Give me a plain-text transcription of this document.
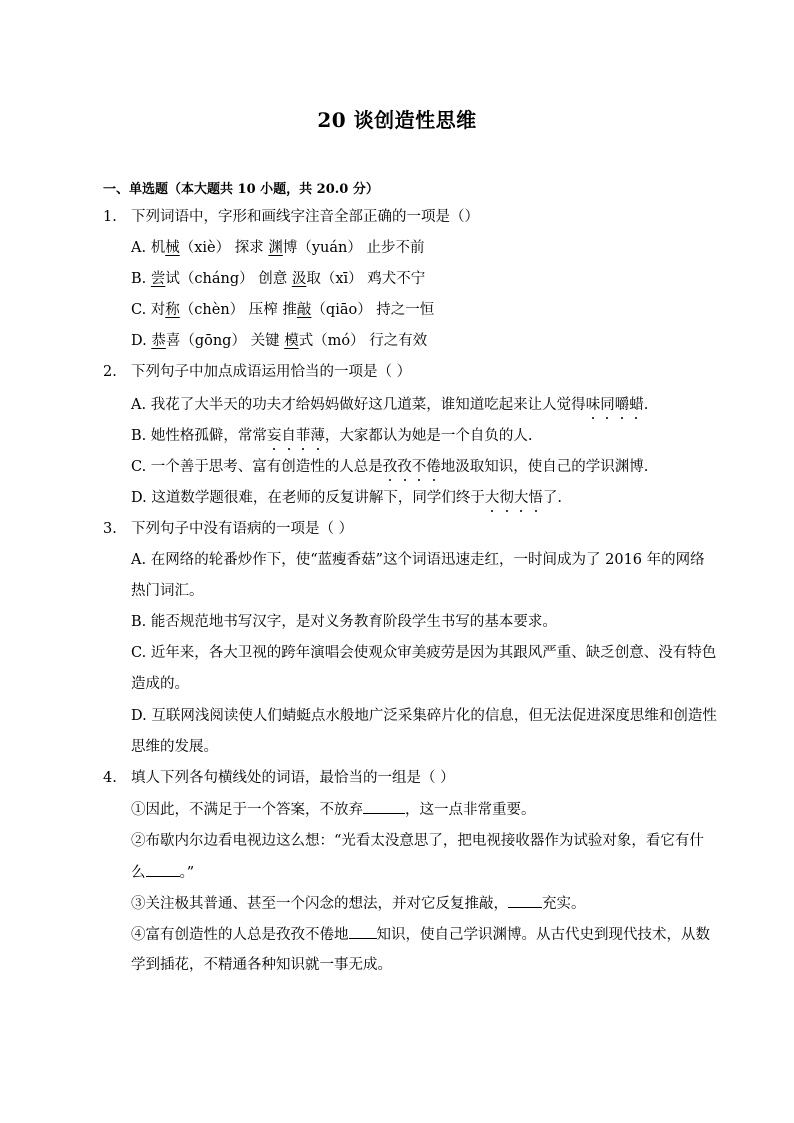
20 谈创造性思维
一、单选题（本大题共 10 小题，共 20.0 分）
1. 下列词语中，字形和画线字注音全部正确的一项是（）
A. 机械（xiè） 探求 渊博（yuán） 止步不前
B. 尝试（cháng） 创意 汲取（xī） 鸡犬不宁
C. 对称（chèn） 压榨 推敲（qiāo） 持之一恒
D. 恭喜（gōng） 关键 模式（mó） 行之有效
2. 下列句子中加点成语运用恰当的一项是（ ）
A. 我花了大半天的功夫才给妈妈做好这几道菜，谁知道吃起来让人觉得味同嚼蜡.
B. 她性格孤僻，常常妄自菲薄，大家都认为她是一个自负的人.
C. 一个善于思考、富有创造性的人总是孜孜不倦地汲取知识，使自己的学识渊博.
D. 这道数学题很难，在老师的反复讲解下，同学们终于大彻大悟了.
3. 下列句子中没有语病的一项是（ ）
A. 在网络的轮番炒作下，使“蓝瘦香菇”这个词语迅速走红，一时间成为了 2016 年的网络
热门词汇。
B. 能否规范地书写汉字，是对义务教育阶段学生书写的基本要求。
C. 近年来，各大卫视的跨年演唱会使观众审美疲劳是因为其跟风严重、缺乏创意、没有特色
造成的。
D. 互联网浅阅读使人们蜻蜓点水般地广泛采集碎片化的信息，但无法促进深度思维和创造性
思维的发展。
4. 填人下列各句横线处的词语，最恰当的一组是（ ）
①因此，不满足于一个答案，不放弃	，这一点非常重要。
②布歇内尔边看电视边这么想：“光看太没意思了，把电视接收器作为试验对象，看它有什
么 。”
③关注极其普通、甚至一个闪念的想法，并对它反复推敲， 充实。
④富有创造性的人总是孜孜不倦地 知识，使自己学识渊博。从古代史到现代技术，从数
学到插花，不精通各种知识就一事无成。
